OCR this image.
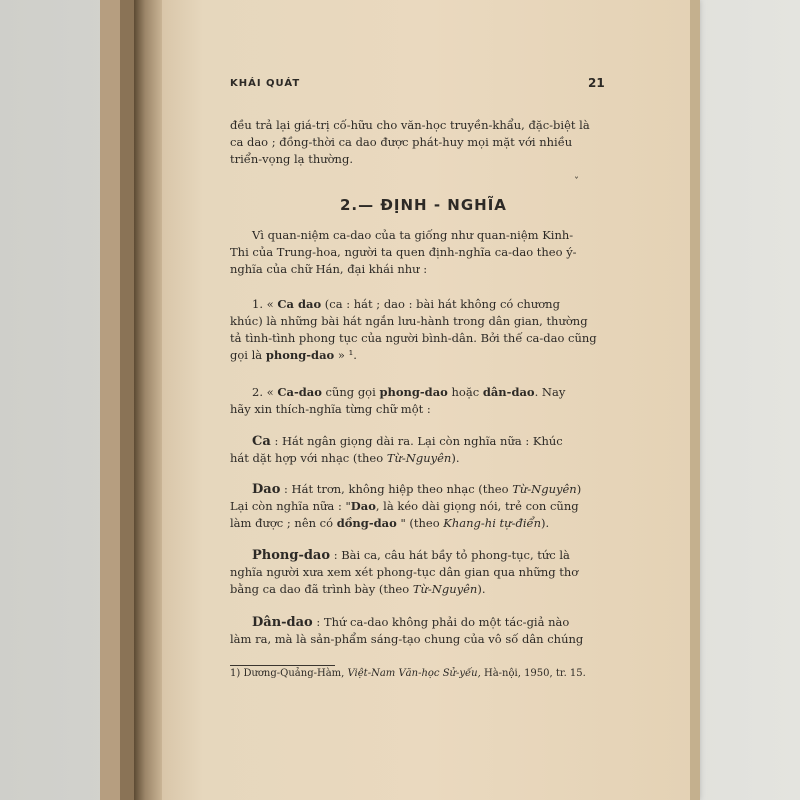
KHÁI QUÁT	21
đều trả lại giá-trị cố-hữu cho văn-học truyền-khẩu, đặc-biệt là
ca dao ; đồng-thời ca dao được phát-huy mọi mặt với nhiều
triển-vọng lạ thường.
ˇ
2.— ĐỊNH - NGHĨA
Vì quan-niệm ca-dao của ta giống như quan-niệm Kinh-
Thi của Trung-hoa, người ta quen định-nghĩa ca-dao theo ý-
nghĩa của chữ Hán, đại khái như :
1. « Ca dao (ca : hát ; dao : bài hát không có chương
khúc) là những bài hát ngắn lưu-hành trong dân gian, thường
tả tình-tình phong tục của người bình-dân. Bởi thế ca-dao cũng
gọi là phong-dao » ¹.
2. « Ca-dao cũng gọi phong-dao hoặc dân-dao. Nay
hãy xin thích-nghĩa từng chữ một :
Ca : Hát ngân giọng dài ra. Lại còn nghĩa nữa : Khúc
hát dặt hợp với nhạc (theo Từ-Nguyên).
Dao : Hát trơn, không hiệp theo nhạc (theo Từ-Nguyên)
Lại còn nghĩa nữa : "Dao, là kéo dài giọng nói, trẻ con cũng
làm được ; nên có dồng-dao " (theo Khang-hi tự-điển).
Phong-dao : Bài ca, câu hát bầy tỏ phong-tục, tức là
nghĩa người xưa xem xét phong-tục dân gian qua những thơ
bằng ca dao đã trình bày (theo Từ-Nguyên).
Dân-dao : Thứ ca-dao không phải do một tác-giả nào
làm ra, mà là sản-phẩm sáng-tạo chung của vô số dân chúng
1) Dương-Quảng-Hàm, Việt-Nam Văn-học Sử-yếu, Hà-nội, 1950, tr. 15.
